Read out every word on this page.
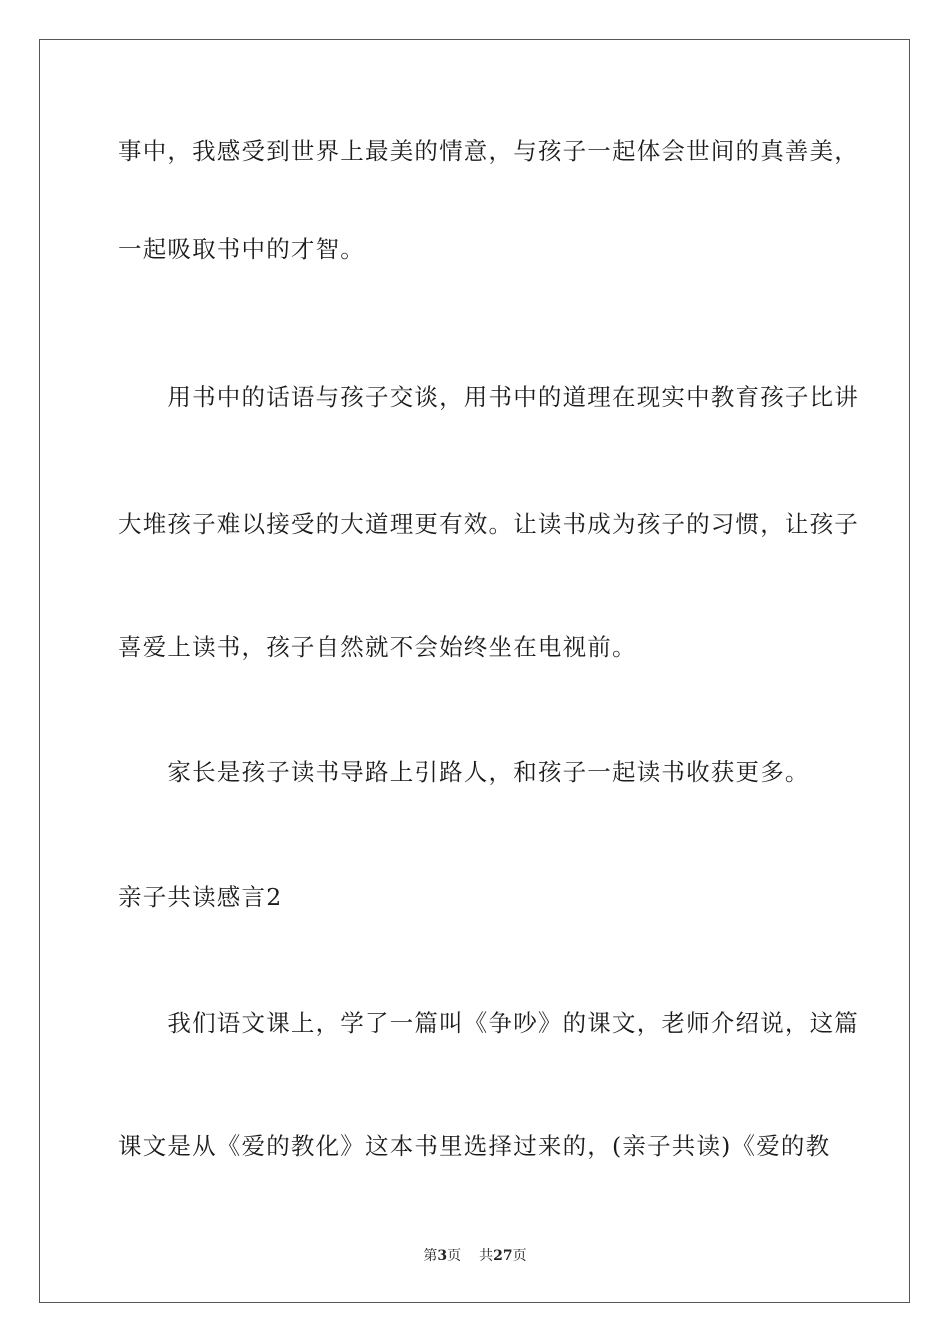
事中，我感受到世界上最美的情意，与孩子一起体会世间的真善美，
一起吸取书中的才智。
　　用书中的话语与孩子交谈，用书中的道理在现实中教育孩子比讲
大堆孩子难以接受的大道理更有效。让读书成为孩子的习惯，让孩子
喜爱上读书，孩子自然就不会始终坐在电视前。
　　家长是孩子读书导路上引路人，和孩子一起读书收获更多。
亲子共读感言2
　　我们语文课上，学了一篇叫《争吵》的课文，老师介绍说，这篇
课文是从《爱的教化》这本书里选择过来的，(亲子共读)《爱的教
第3页 共27页
